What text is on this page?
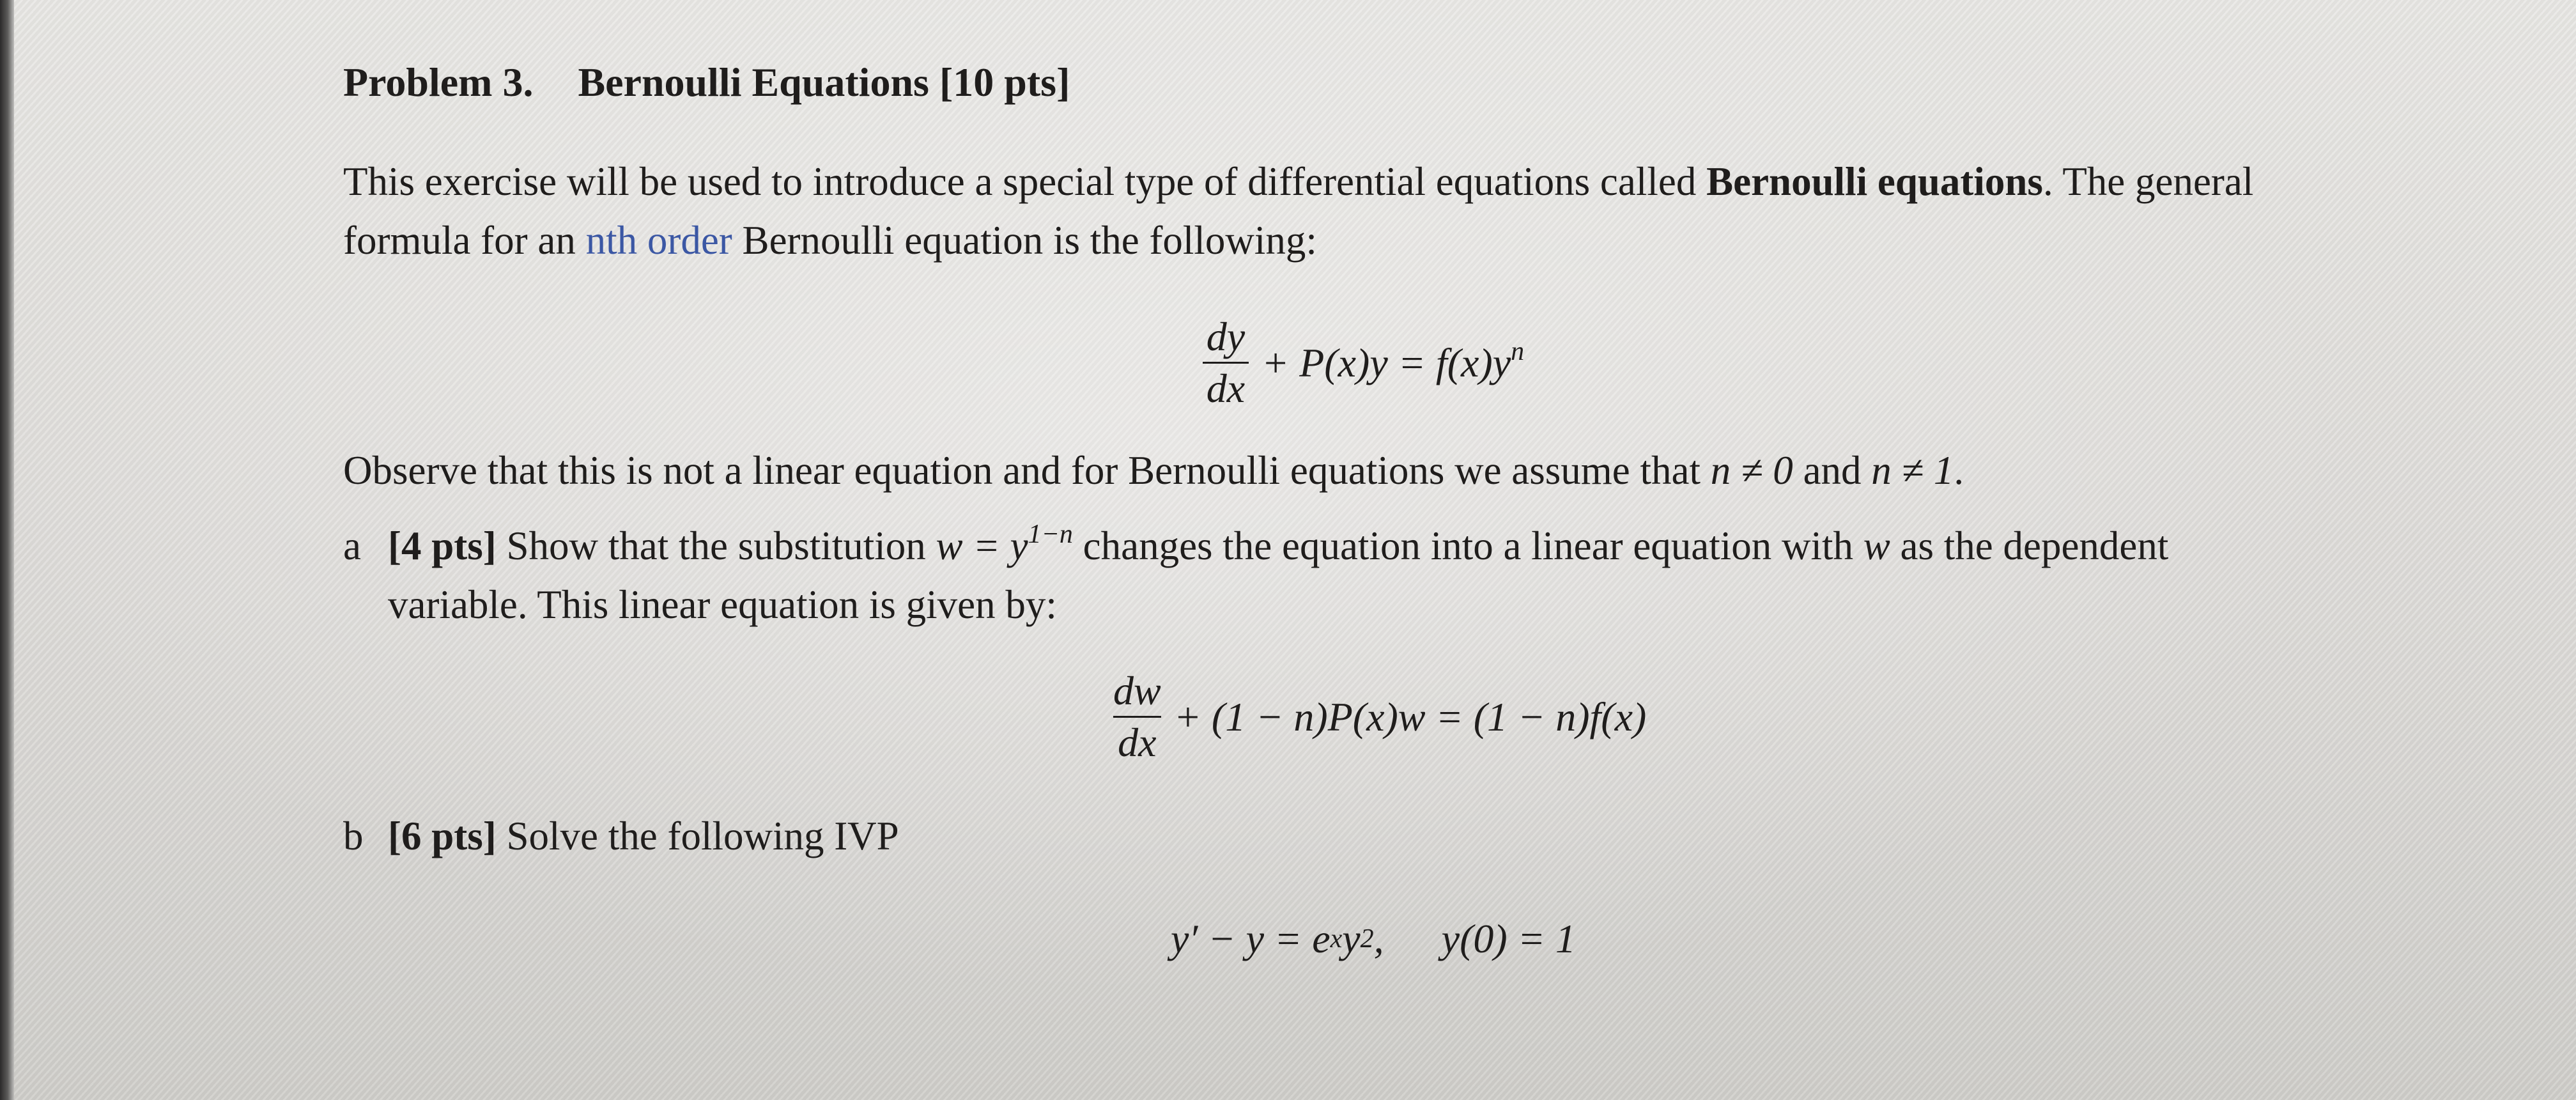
Problem 3. Bernoulli Equations [10 pts]
This exercise will be used to introduce a special type of differential equations called Bernoulli equations. The general
formula for an nth order Bernoulli equation is the following:
$\frac{dy}{dx} + P(x)y = f(x)y^n$
Observe that this is not a linear equation and for Bernoulli equations we assume that n ≠ 0 and n ≠ 1.
a [4 pts] Show that the substitution $w = y^{1-n}$ changes the equation into a linear equation with w as the dependent
variable. This linear equation is given by:
$\frac{dw}{dx} + (1 - n)P(x)w = (1 - n)f(x)$
b [6 pts] Solve the following IVP
y′ − y = e x y 2 , y(0) = 1
